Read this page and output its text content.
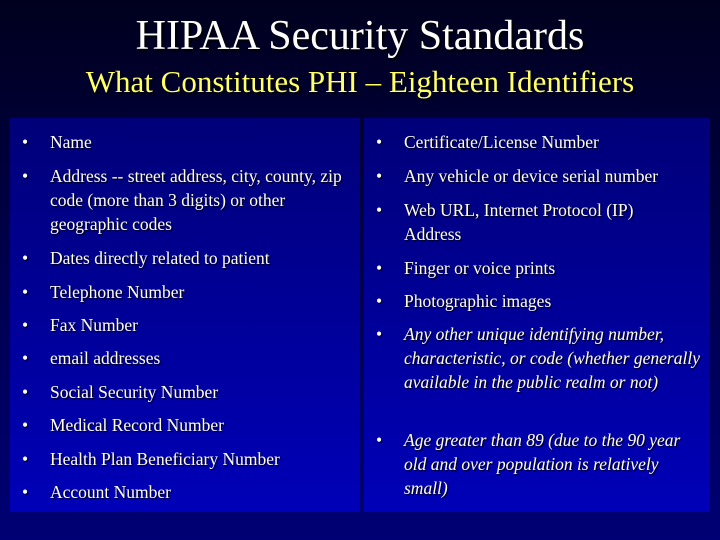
HIPAA Security Standards
What Constitutes PHI – Eighteen Identifiers
•	Name
•	Address -- street address, city, county, zip code (more than 3 digits) or other geographic codes
•	Dates directly related to patient
•	Telephone Number
•	Fax Number
•	email addresses
•	Social Security Number
•	Medical Record Number
•	Health Plan Beneficiary Number
•	Account Number
•	Certificate/License Number
•	Any vehicle or device serial number
•	Web URL, Internet Protocol (IP) Address
•	Finger or voice prints
•	Photographic images
•	Any other unique identifying number, characteristic, or code (whether generally available in the public realm or not)
•	Age greater than 89 (due to the 90 year old and over population is relatively small)
